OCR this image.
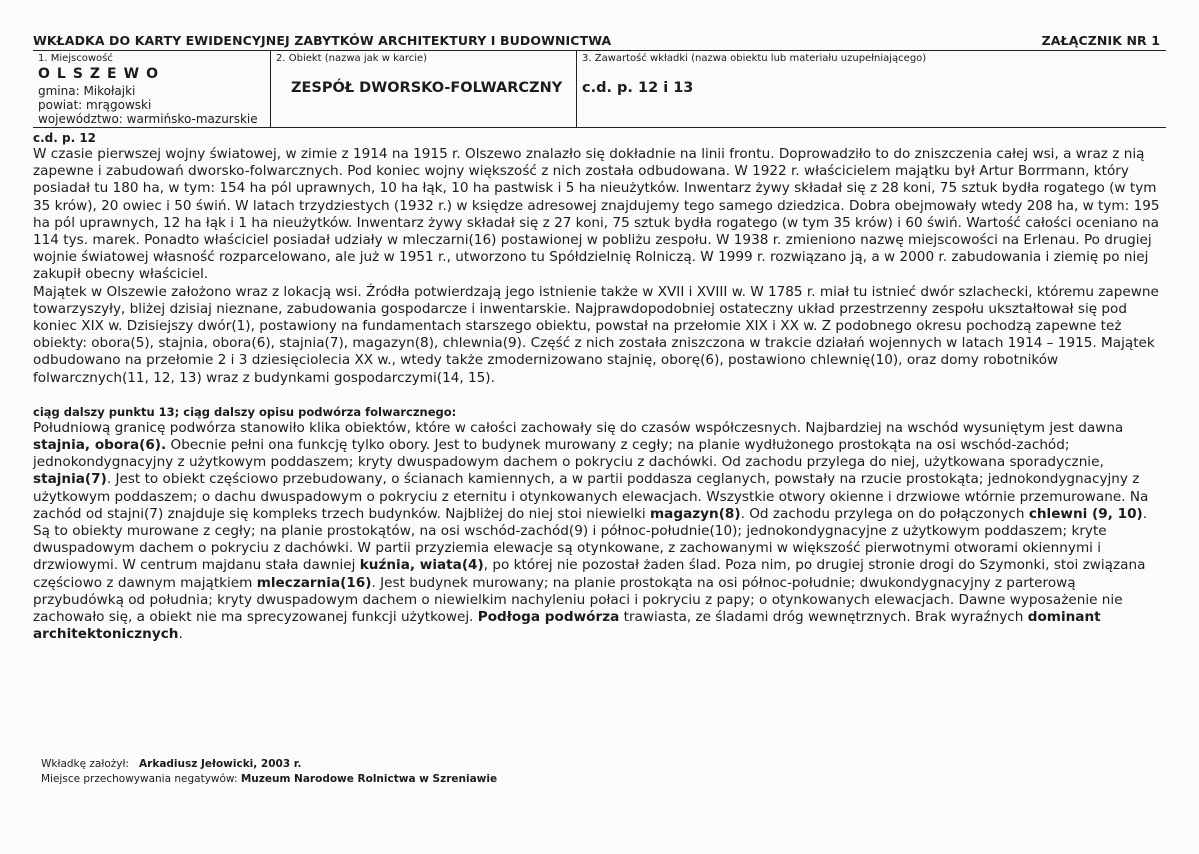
WKŁADKA DO KARTY EWIDENCYJNEJ ZABYTKÓW ARCHITEKTURY I BUDOWNICTWA	ZAŁĄCZNIK NR 1
1. Miejscowość
OLSZEWO
gmina: Mikołajki
powiat: mrągowski
województwo: warmińsko-mazurskie
2. Obiekt (nazwa jak w karcie)
ZESPÓŁ DWORSKO-FOLWARCZNY
3. Zawartość wkładki (nazwa obiektu lub materiału uzupełniającego)
c.d. p. 12 i 13

c.d. p. 12

W czasie pierwszej wojny światowej, w zimie z 1914 na 1915 r. Olszewo znalazło się dokładnie na linii frontu. Doprowadziło to do zniszczenia całej wsi, a wraz z nią zapewne i zabudowań dworsko-folwarcznych. Pod koniec wojny większość z nich została odbudowana. W 1922 r. właścicielem majątku był Artur Borrmann, który posiadał tu 180 ha, w tym: 154 ha pól uprawnych, 10 ha łąk, 10 ha pastwisk i 5 ha nieużytków. Inwentarz żywy składał się z 28 koni, 75 sztuk bydła rogatego (w tym 35 krów), 20 owiec i 50 świń. W latach trzydziestych (1932 r.) w księdze adresowej znajdujemy tego samego dziedzica. Dobra obejmowały wtedy 208 ha, w tym: 195 ha pól uprawnych, 12 ha łąk i 1 ha nieużytków. Inwentarz żywy składał się z 27 koni, 75 sztuk bydła rogatego (w tym 35 krów) i 60 świń. Wartość całości oceniano na 114 tys. marek. Ponadto właściciel posiadał udziały w mleczarni(16) postawionej w pobliżu zespołu. W 1938 r. zmieniono nazwę miejscowości na Erlenau. Po drugiej wojnie światowej własność rozparcelowano, ale już w 1951 r., utworzono tu Spółdzielnię Rolniczą. W 1999 r. rozwiązano ją, a w 2000 r. zabudowania i ziemię po niej zakupił obecny właściciel.

Majątek w Olszewie założono wraz z lokacją wsi. Źródła potwierdzają jego istnienie także w XVII i XVIII w. W 1785 r. miał tu istnieć dwór szlachecki, któremu zapewne towarzyszyły, bliżej dzisiaj nieznane, zabudowania gospodarcze i inwentarskie. Najprawdopodobniej ostateczny układ przestrzenny zespołu ukształtował się pod koniec XIX w. Dzisiejszy dwór(1), postawiony na fundamentach starszego obiektu, powstał na przełomie XIX i XX w. Z podobnego okresu pochodzą zapewne też obiekty: obora(5), stajnia, obora(6), stajnia(7), magazyn(8), chlewnia(9). Część z nich została zniszczona w trakcie działań wojennych w latach 1914 – 1915. Majątek odbudowano na przełomie 2 i 3 dziesięciolecia XX w., wtedy także zmodernizowano stajnię, oborę(6), postawiono chlewnię(10), oraz domy robotników folwarcznych(11, 12, 13) wraz z budynkami gospodarczymi(14, 15).

ciąg dalszy punktu 13; ciąg dalszy opisu podwórza folwarcznego:

Południową granicę podwórza stanowiło klika obiektów, które w całości zachowały się do czasów współczesnych. Najbardziej na wschód wysuniętym jest dawna stajnia, obora(6). Obecnie pełni ona funkcję tylko obory. Jest to budynek murowany z cegły; na planie wydłużonego prostokąta na osi wschód-zachód; jednokondygnacyjny z użytkowym poddaszem; kryty dwuspadowym dachem o pokryciu z dachówki. Od zachodu przylega do niej, użytkowana sporadycznie, stajnia(7). Jest to obiekt częściowo przebudowany, o ścianach kamiennych, a w partii poddasza ceglanych, powstały na rzucie prostokąta; jednokondygnacyjny z użytkowym poddaszem; o dachu dwuspadowym o pokryciu z eternitu i otynkowanych elewacjach. Wszystkie otwory okienne i drzwiowe wtórnie przemurowane. Na zachód od stajni(7) znajduje się kompleks trzech budynków. Najbliżej do niej stoi niewielki magazyn(8). Od zachodu przylega on do połączonych chlewni (9, 10). Są to obiekty murowane z cegły; na planie prostokątów, na osi wschód-zachód(9) i północ-południe(10); jednokondygnacyjne z użytkowym poddaszem; kryte dwuspadowym dachem o pokryciu z dachówki. W partii przyziemia elewacje są otynkowane, z zachowanymi w większość pierwotnymi otworami okiennymi i drzwiowymi. W centrum majdanu stała dawniej kuźnia, wiata(4), po której nie pozostał żaden ślad. Poza nim, po drugiej stronie drogi do Szymonki, stoi związana częściowo z dawnym majątkiem mleczarnia(16). Jest budynek murowany; na planie prostokąta na osi północ-południe; dwukondygnacyjny z parterową przybudówką od południa; kryty dwuspadowym dachem o niewielkim nachyleniu połaci i pokryciu z papy; o otynkowanych elewacjach. Dawne wyposażenie nie zachowało się, a obiekt nie ma sprecyzowanej funkcji użytkowej. Podłoga podwórza trawiasta, ze śladami dróg wewnętrznych. Brak wyraźnych dominant architektonicznych.

Wkładkę założył: Arkadiusz Jełowicki, 2003 r.
Miejsce przechowywania negatywów: Muzeum Narodowe Rolnictwa w Szreniawie
